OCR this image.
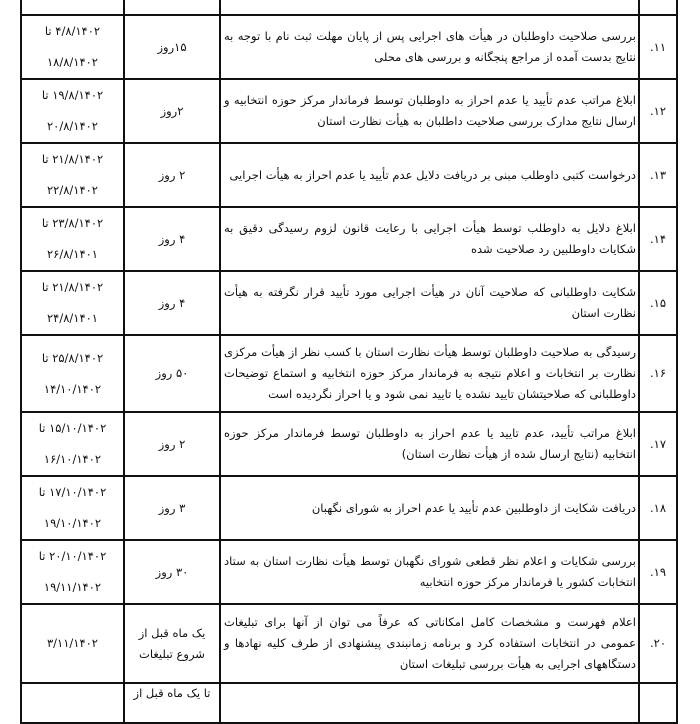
۱۱.	بررسی صلاحیت داوطلبان در هیأت های اجرایی پس از پایان مهلت ثبت نام با توجه به نتایج بدست آمده از مراجع پنجگانه و بررسی های محلی	۱۵روز	۴/۸/۱۴۰۲ تا
۱۸/۸/۱۴۰۲

۱۲.	ابلاغ مراتب عدم تأیید یا عدم احراز به داوطلبان توسط فرماندار مرکز حوزه انتخابیه و ارسال نتایج مدارک بررسی صلاحیت داطلبان به هیأت نظارت استان	۲روز	۱۹/۸/۱۴۰۲ تا
۲۰/۸/۱۴۰۲

۱۳.	درخواست کتبی داوطلب مبنی بر دریافت دلایل عدم تأیید یا عدم احراز به هیأت اجرایی	۲ روز	۲۱/۸/۱۴۰۲ تا
۲۲/۸/۱۴۰۲

۱۴.	ابلاغ دلایل به داوطلب توسط هیأت اجرایی با رعایت قانون لزوم رسیدگی دقیق به شکایات داوطلبین رد صلاحیت شده	۴ روز	۲۳/۸/۱۴۰۲ تا
۲۶/۸/۱۴۰۱

۱۵.	شکایت داوطلبانی که صلاحیت آنان در هیأت اجرایی مورد تأیید قرار نگرفته به هیأت نظارت استان	۴ روز	۲۱/۸/۱۴۰۲ تا
۲۴/۸/۱۴۰۱

۱۶.	رسیدگی به صلاحیت داوطلبان توسط هیأت نظارت استان با کسب نظر از هیأت مرکزی نظارت بر انتخابات و اعلام نتیجه به فرماندار مرکز حوزه انتخابیه و استماع توضیحات داوطلبانی که صلاحیتشان تایید نشده یا تایید نمی شود و یا احراز نگردیده است	۵۰ روز	۲۵/۸/۱۴۰۲ تا
۱۴/۱۰/۱۴۰۲

۱۷.	ابلاغ مراتب تأیید، عدم تایید یا عدم احراز به داوطلبان توسط فرماندار مرکز حوزه انتخابیه (نتایج ارسال شده از هیأت نظارت استان)	۲ روز	۱۵/۱۰/۱۴۰۲ تا
۱۶/۱۰/۱۴۰۲

۱۸.	دریافت شکایت از داوطلبین عدم تأیید یا عدم احراز به شورای نگهبان	۳ روز	۱۷/۱۰/۱۴۰۲ تا
۱۹/۱۰/۱۴۰۲

۱۹.	بررسی شکایات و اعلام نظر قطعی شورای نگهبان توسط هیأت نظارت استان به ستاد انتخابات کشور یا فرماندار مرکز حوزه انتخابیه	۳۰ روز	۲۰/۱۰/۱۴۰۲ تا
۱۹/۱۱/۱۴۰۲

۲۰.	اعلام فهرست و مشخصات کامل امکاناتی که عرفاً می توان از آنها برای تبلیغات عمومی در انتخابات استفاده کرد و برنامه زمانبندی پیشنهادی از طرف کلیه نهادها و دستگاههای اجرایی به هیأت بررسی تبلیغات استان	یک ماه قبل از شروع تبلیغات	۳/۱۱/۱۴۰۲

		تا یک ماه قبل از	
